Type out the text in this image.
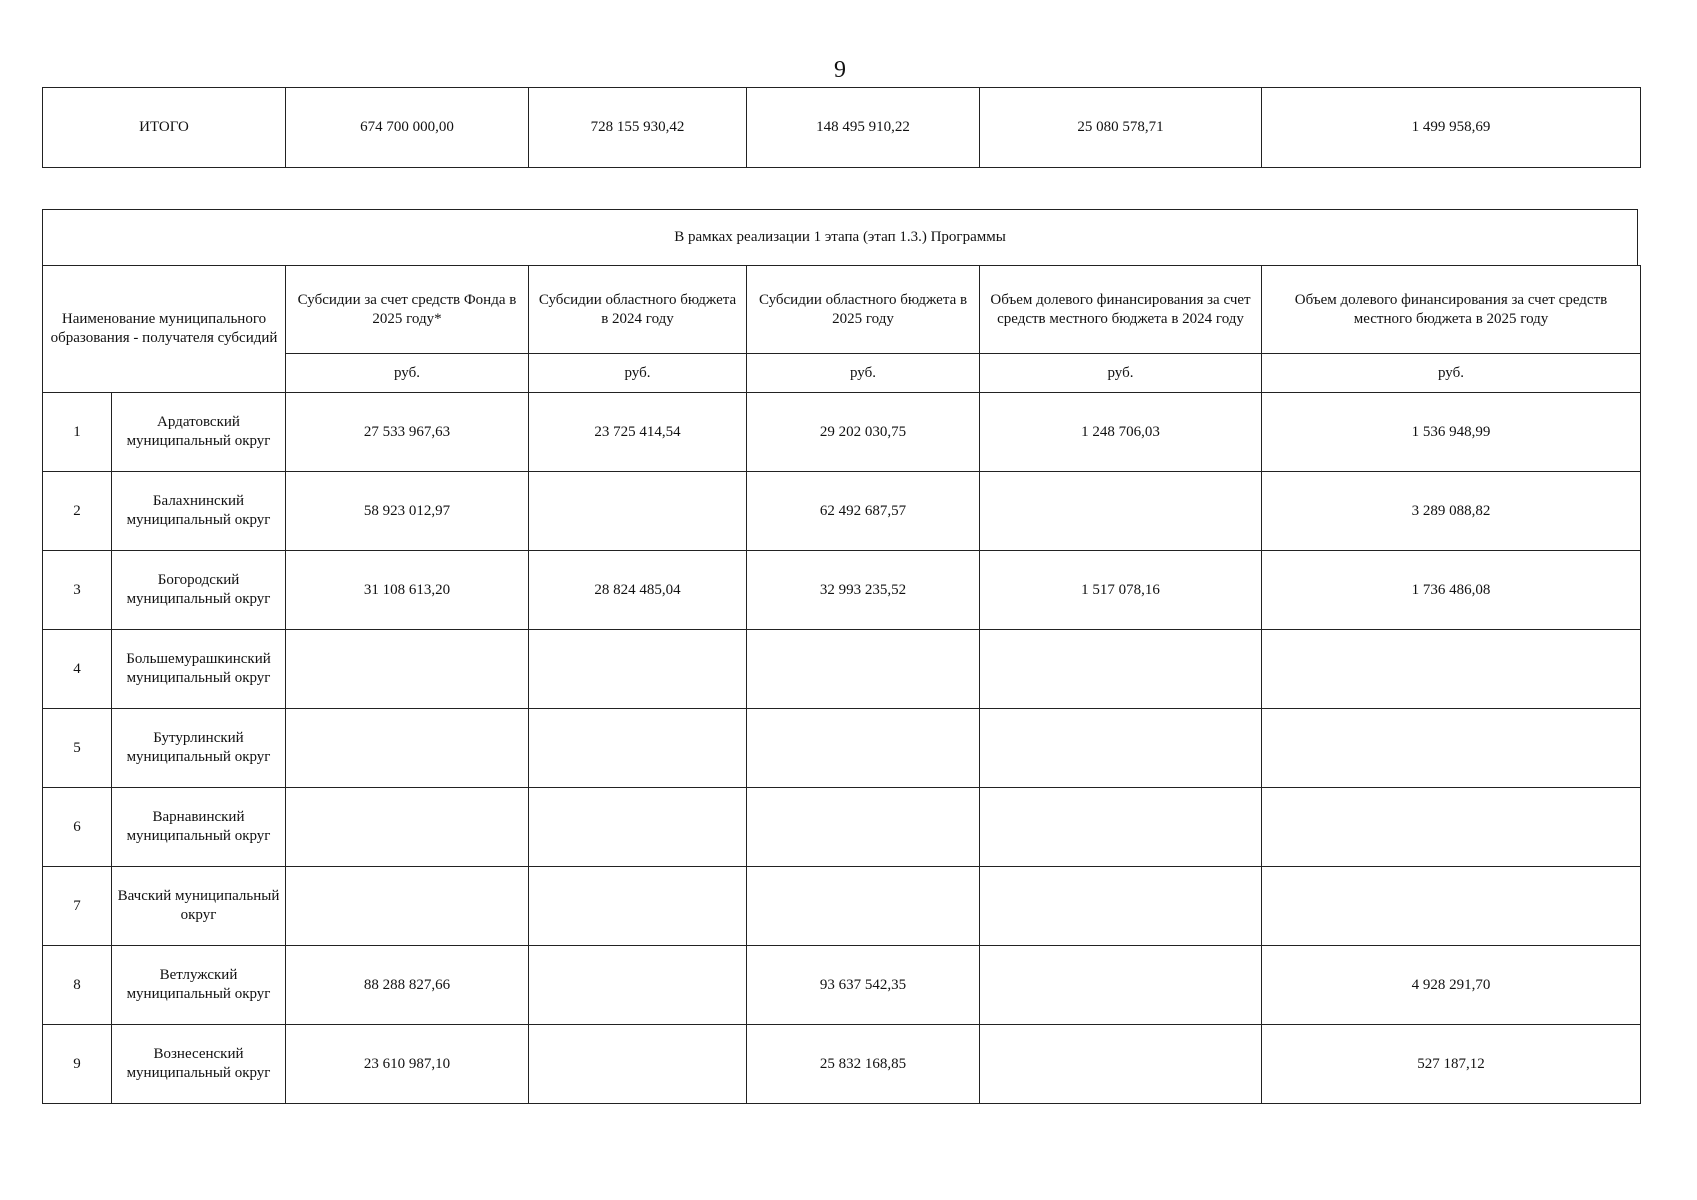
9
ИТОГО	674 700 000,00	728 155 930,42	148 495 910,22	25 080 578,71	1 499 958,69
В рамках реализации 1 этапа (этап 1.3.) Программы
Наименование муниципального образования - получателя субсидий		Субсидии за счет средств Фонда в 2025 году*	Субсидии областного бюджета в 2024 году	Субсидии областного бюджета в 2025 году	Объем долевого финансирования за счет средств местного бюджета в 2024 году	Объем долевого финансирования за счет средств местного бюджета в 2025 году
		руб.	руб.	руб.	руб.	руб.
1	Ардатовский муниципальный округ	27 533 967,63	23 725 414,54	29 202 030,75	1 248 706,03	1 536 948,99
2	Балахнинский муниципальный округ	58 923 012,97		62 492 687,57		3 289 088,82
3	Богородский муниципальный округ	31 108 613,20	28 824 485,04	32 993 235,52	1 517 078,16	1 736 486,08
4	Большемурашкинский муниципальный округ					
5	Бутурлинский муниципальный округ					
6	Варнавинский муниципальный округ					
7	Вачский муниципальный округ					
8	Ветлужский муниципальный округ	88 288 827,66		93 637 542,35		4 928 291,70
9	Вознесенский муниципальный округ	23 610 987,10		25 832 168,85		527 187,12
